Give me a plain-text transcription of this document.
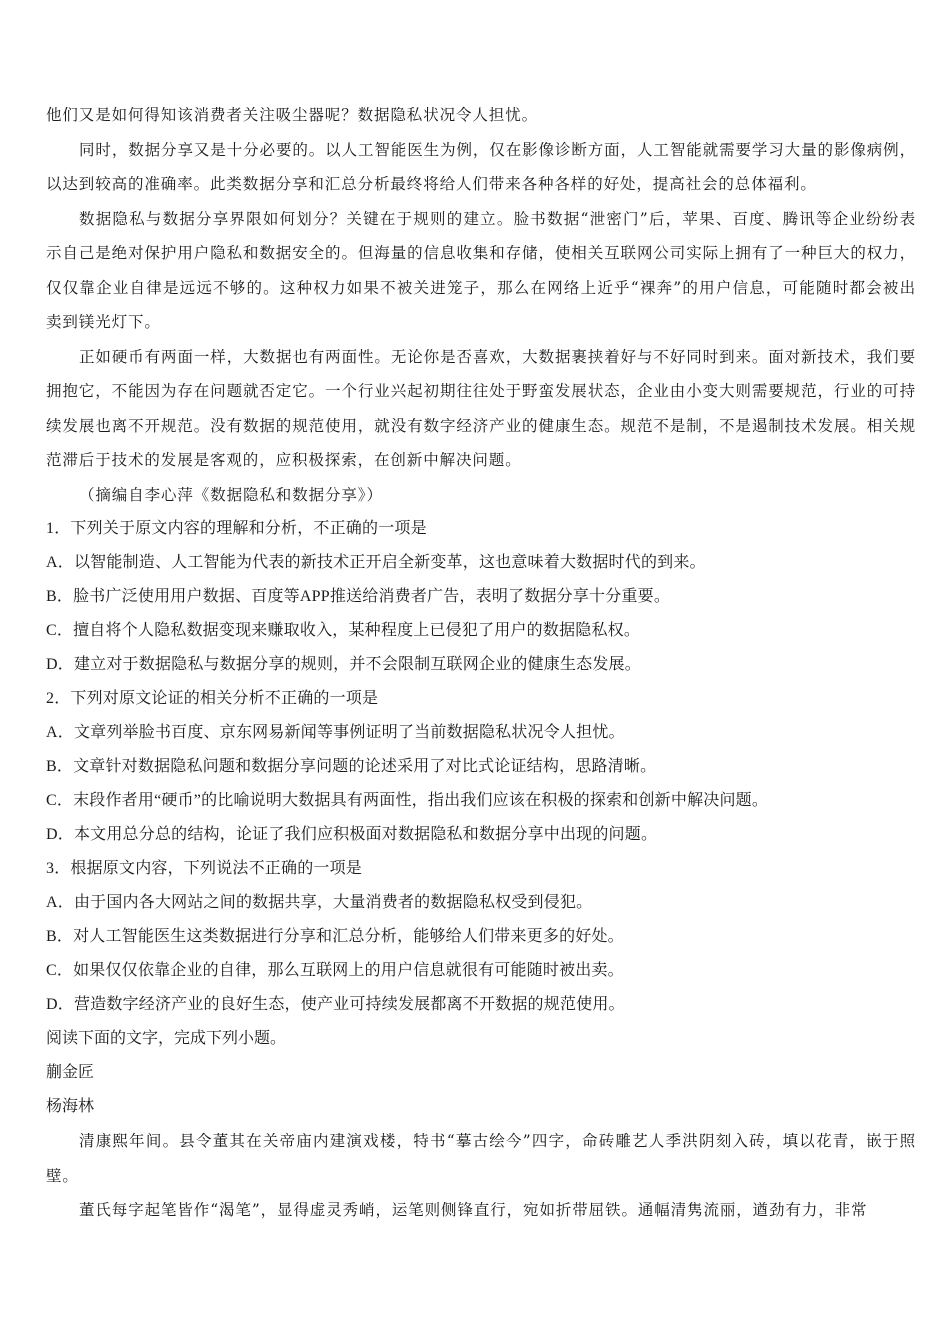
他们又是如何得知该消费者关注吸尘器呢？数据隐私状况令人担忧。

同时，数据分享又是十分必要的。以人工智能医生为例，仅在影像诊断方面，人工智能就需要学习大量的影像病例，以达到较高的准确率。此类数据分享和汇总分析最终将给人们带来各种各样的好处，提高社会的总体福利。

数据隐私与数据分享界限如何划分？关键在于规则的建立。脸书数据“泄密门”后，苹果、百度、腾讯等企业纷纷表示自己是绝对保护用户隐私和数据安全的。但海量的信息收集和存储，使相关互联网公司实际上拥有了一种巨大的权力，仅仅靠企业自律是远远不够的。这种权力如果不被关进笼子，那么在网络上近乎“裸奔”的用户信息，可能随时都会被出卖到镁光灯下。

正如硬币有两面一样，大数据也有两面性。无论你是否喜欢，大数据裹挟着好与不好同时到来。面对新技术，我们要拥抱它，不能因为存在问题就否定它。一个行业兴起初期往往处于野蛮发展状态，企业由小变大则需要规范，行业的可持续发展也离不开规范。没有数据的规范使用，就没有数字经济产业的健康生态。规范不是制，不是遏制技术发展。相关规范滞后于技术的发展是客观的，应积极探索，在创新中解决问题。

（摘编自李心萍《数据隐私和数据分享》）

1．下列关于原文内容的理解和分析，不正确的一项是
A．以智能制造、人工智能为代表的新技术正开启全新变革，这也意味着大数据时代的到来。
B．脸书广泛使用用户数据、百度等APP推送给消费者广告，表明了数据分享十分重要。
C．擅自将个人隐私数据变现来赚取收入，某种程度上已侵犯了用户的数据隐私权。
D．建立对于数据隐私与数据分享的规则，并不会限制互联网企业的健康生态发展。
2．下列对原文论证的相关分析不正确的一项是
A．文章列举脸书百度、京东网易新闻等事例证明了当前数据隐私状况令人担忧。
B．文章针对数据隐私问题和数据分享问题的论述采用了对比式论证结构，思路清晰。
C．末段作者用“硬币”的比喻说明大数据具有两面性，指出我们应该在积极的探索和创新中解决问题。
D．本文用总分总的结构，论证了我们应积极面对数据隐私和数据分享中出现的问题。
3．根据原文内容，下列说法不正确的一项是
A．由于国内各大网站之间的数据共享，大量消费者的数据隐私权受到侵犯。
B．对人工智能医生这类数据进行分享和汇总分析，能够给人们带来更多的好处。
C．如果仅仅依靠企业的自律，那么互联网上的用户信息就很有可能随时被出卖。
D．营造数字经济产业的良好生态，使产业可持续发展都离不开数据的规范使用。
阅读下面的文字，完成下列小题。
蒯金匠
杨海林

清康熙年间。县令董其在关帝庙内建演戏楼，特书“摹古绘今”四字，命砖雕艺人季洪阴刻入砖，填以花青，嵌于照壁。

董氏每字起笔皆作“渴笔”，显得虚灵秀峭，运笔则侧锋直行，宛如折带屈铁。通幅清隽流丽，遒劲有力，非常
